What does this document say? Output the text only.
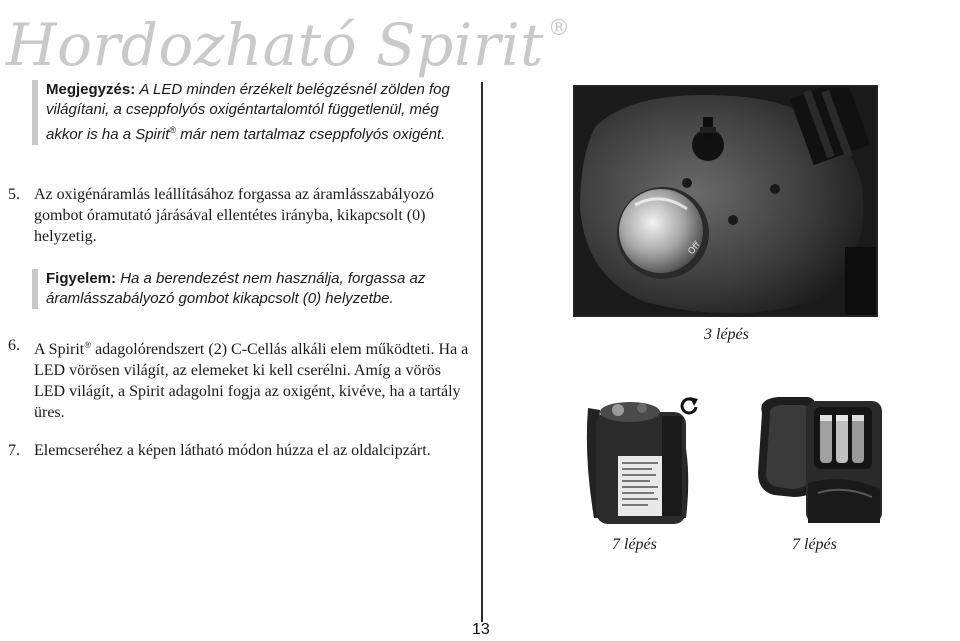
Hordozható Spirit ®
Megjegyzés: A LED minden érzékelt belégzésnél zölden fog világítani, a cseppfolyós oxigéntartalomtól függetlenül, még akkor is ha a Spirit® már nem tartalmaz cseppfolyós oxigént.
5. Az oxigénáramlás leállításához forgassa az áramlásszabályozó gombot óramutató járásával ellentétes irányba, kikapcsolt (0) helyzetig.
Figyelem: Ha a berendezést nem használja, forgassa az áramlásszabályozó gombot kikapcsolt (0) helyzetbe.
6. A Spirit® adagolórendszert (2) C-Cellás alkáli elem működteti. Ha a LED vörösen világít, az elemeket ki kell cserélni. Amíg a vörös LED világít, a Spirit adagolni fogja az oxigént, kivéve, ha a tartály üres.
7. Elemcseréhez a képen látható módon húzza el az oldalcipzárt.
Off
3 lépés
7 lépés	7 lépés
13
